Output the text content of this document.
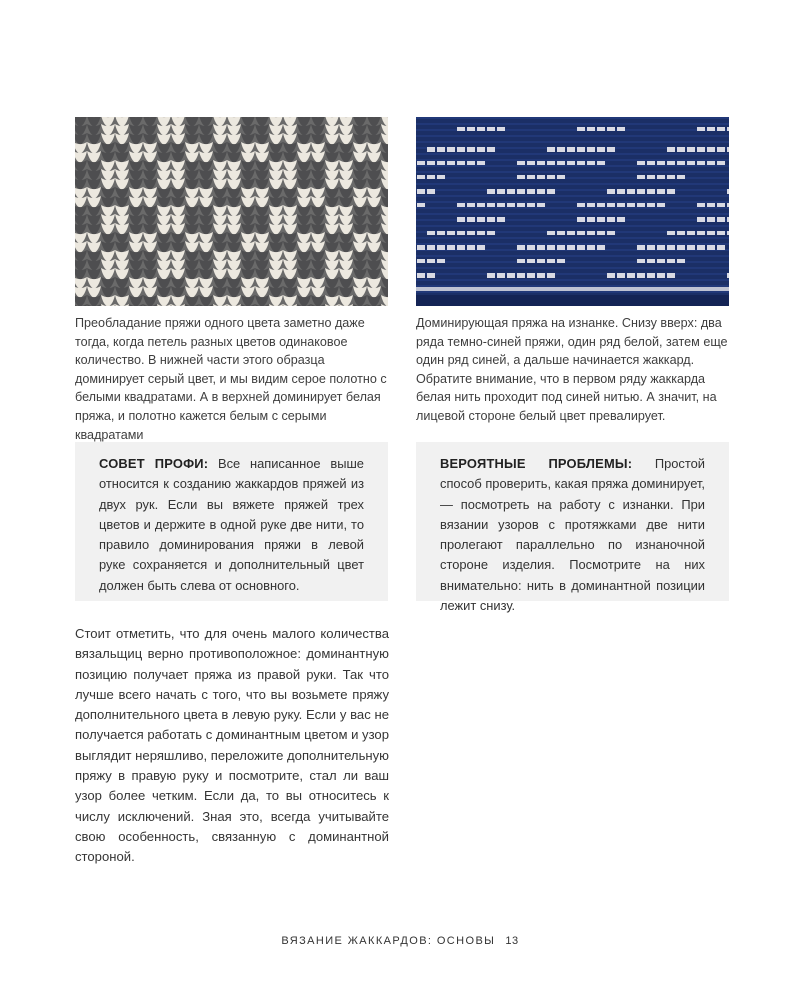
Преобладание пряжи одного цвета заметно даже тогда, когда петель разных цветов одинаковое количество. В нижней части этого образца доминирует серый цвет, и мы видим серое полотно с белыми квадратами. А в верхней доминирует белая пряжа, и полотно кажется белым с серыми квадратами
Доминирующая пряжа на изнанке. Снизу вверх: два ряда темно-синей пряжи, один ряд белой, затем еще один ряд синей, а дальше начинается жаккард. Обратите внимание, что в первом ряду жаккарда белая нить проходит под синей нитью. А значит, на лицевой стороне белый цвет превалирует.
СОВЕТ ПРОФИ: Все написанное выше относится к созданию жаккардов пряжей из двух рук. Если вы вяжете пряжей трех цветов и держите в одной руке две нити, то правило доминирования пряжи в левой руке сохраняется и дополнительный цвет должен быть слева от основного.
ВЕРОЯТНЫЕ ПРОБЛЕМЫ: Простой способ проверить, какая пряжа доминирует, — посмотреть на работу с изнанки. При вязании узоров с протяжками две нити пролегают параллельно по изнаночной стороне изделия. Посмотрите на них внимательно: нить в доминантной позиции лежит снизу.
Стоит отметить, что для очень малого количества вязальщиц верно противоположное: доминантную позицию получает пряжа из правой руки. Так что лучше всего начать с того, что вы возьмете пряжу дополнительного цвета в левую руку. Если у вас не получается работать с доминантным цветом и узор выглядит неряшливо, переложите дополнительную пряжу в правую руку и посмотрите, стал ли ваш узор более четким. Если да, то вы относитесь к числу исключений. Зная это, всегда учитывайте свою особенность, связанную с доминантной стороной.
ВЯЗАНИЕ ЖАККАРДОВ: ОСНОВЫ 13
